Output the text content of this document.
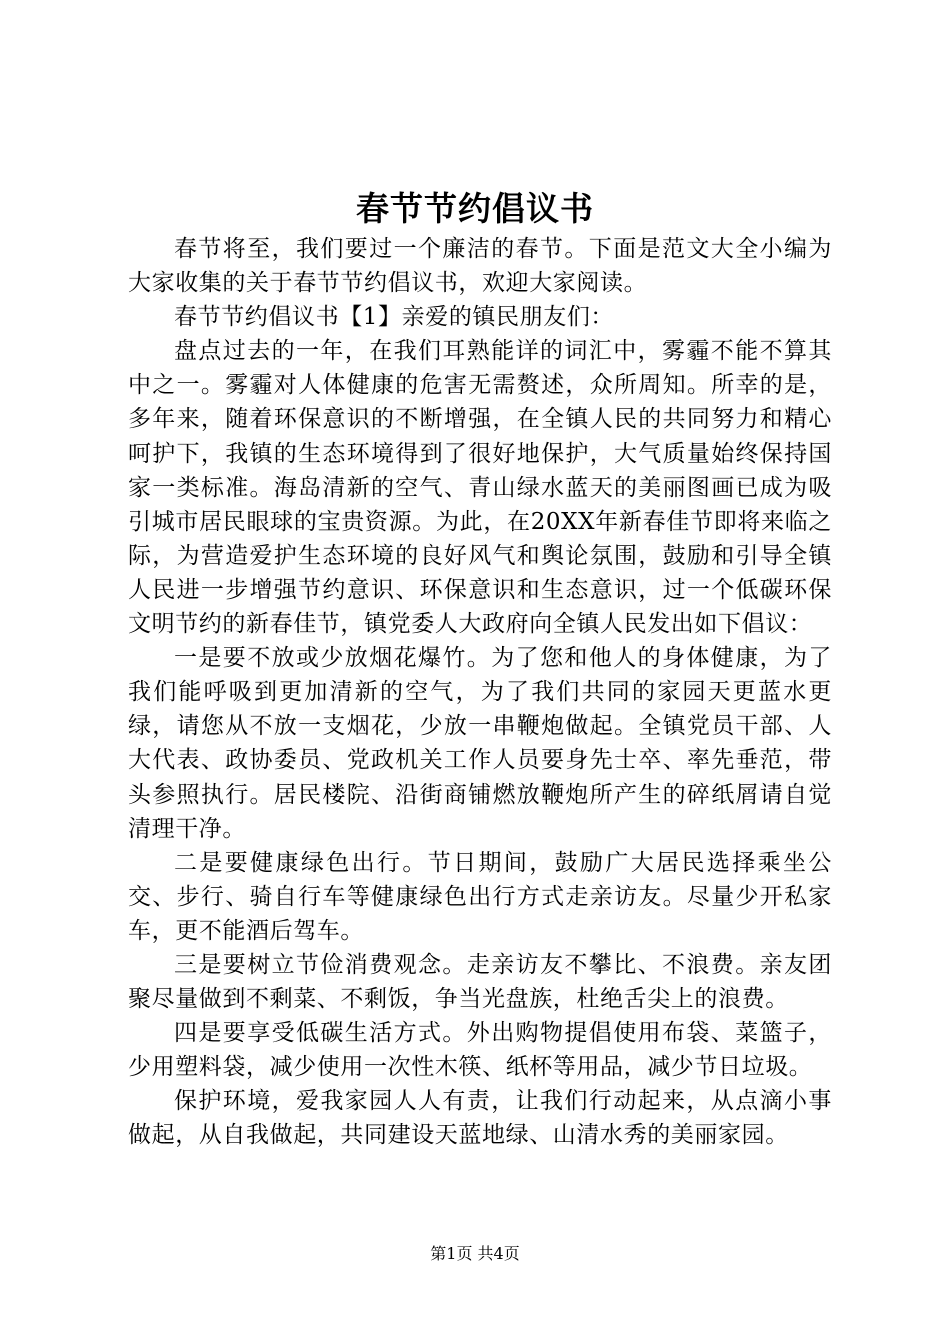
春节节约倡议书

春节将至，我们要过一个廉洁的春节。下面是范文大全小编为大家收集的关于春节节约倡议书，欢迎大家阅读。

春节节约倡议书【1】亲爱的镇民朋友们：

盘点过去的一年，在我们耳熟能详的词汇中，雾霾不能不算其中之一。雾霾对人体健康的危害无需赘述，众所周知。所幸的是，多年来，随着环保意识的不断增强，在全镇人民的共同努力和精心呵护下，我镇的生态环境得到了很好地保护，大气质量始终保持国家一类标准。海岛清新的空气、青山绿水蓝天的美丽图画已成为吸引城市居民眼球的宝贵资源。为此，在20XX年新春佳节即将来临之际，为营造爱护生态环境的良好风气和舆论氛围，鼓励和引导全镇人民进一步增强节约意识、环保意识和生态意识，过一个低碳环保文明节约的新春佳节，镇党委人大政府向全镇人民发出如下倡议：

一是要不放或少放烟花爆竹。为了您和他人的身体健康，为了我们能呼吸到更加清新的空气，为了我们共同的家园天更蓝水更绿，请您从不放一支烟花，少放一串鞭炮做起。全镇党员干部、人大代表、政协委员、党政机关工作人员要身先士卒、率先垂范，带头参照执行。居民楼院、沿街商铺燃放鞭炮所产生的碎纸屑请自觉清理干净。

二是要健康绿色出行。节日期间，鼓励广大居民选择乘坐公交、步行、骑自行车等健康绿色出行方式走亲访友。尽量少开私家车，更不能酒后驾车。

三是要树立节俭消费观念。走亲访友不攀比、不浪费。亲友团聚尽量做到不剩菜、不剩饭，争当光盘族，杜绝舌尖上的浪费。

四是要享受低碳生活方式。外出购物提倡使用布袋、菜篮子，少用塑料袋，减少使用一次性木筷、纸杯等用品，减少节日垃圾。

保护环境，爱我家园人人有责，让我们行动起来，从点滴小事做起，从自我做起，共同建设天蓝地绿、山清水秀的美丽家园。

第1页 共4页
